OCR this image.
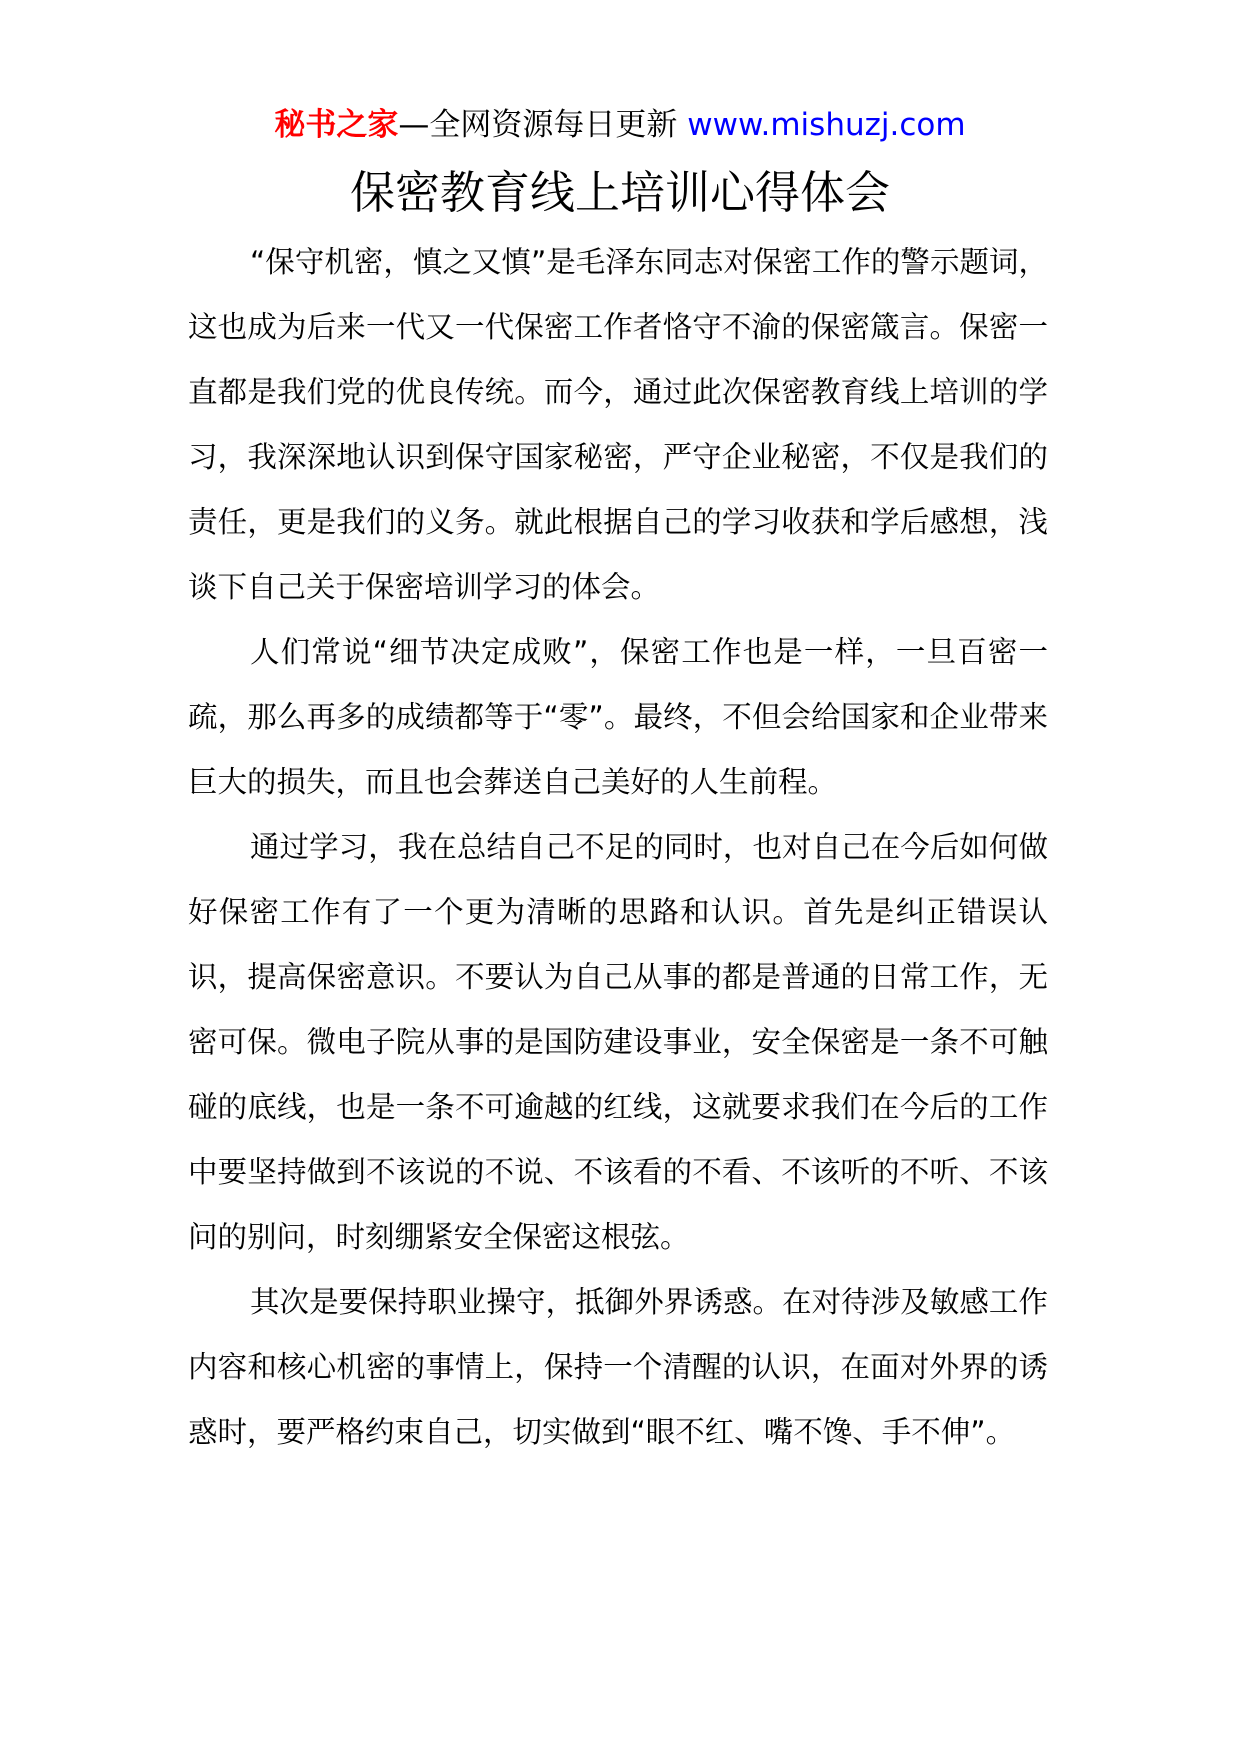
秘书之家—全网资源每日更新 www.mishuzj.com
保密教育线上培训心得体会

“保守机密，慎之又慎”是毛泽东同志对保密工作的警示题词，这也成为后来一代又一代保密工作者恪守不渝的保密箴言。保密一直都是我们党的优良传统。而今，通过此次保密教育线上培训的学习，我深深地认识到保守国家秘密，严守企业秘密，不仅是我们的责任，更是我们的义务。就此根据自己的学习收获和学后感想，浅谈下自己关于保密培训学习的体会。

人们常说“细节决定成败”，保密工作也是一样，一旦百密一疏，那么再多的成绩都等于“零”。最终，不但会给国家和企业带来巨大的损失，而且也会葬送自己美好的人生前程。

通过学习，我在总结自己不足的同时，也对自己在今后如何做好保密工作有了一个更为清晰的思路和认识。首先是纠正错误认识，提高保密意识。不要认为自己从事的都是普通的日常工作，无密可保。微电子院从事的是国防建设事业，安全保密是一条不可触碰的底线，也是一条不可逾越的红线，这就要求我们在今后的工作中要坚持做到不该说的不说、不该看的不看、不该听的不听、不该问的别问，时刻绷紧安全保密这根弦。

其次是要保持职业操守，抵御外界诱惑。在对待涉及敏感工作内容和核心机密的事情上，保持一个清醒的认识，在面对外界的诱惑时，要严格约束自己，切实做到“眼不红、嘴不馋、手不伸”。
